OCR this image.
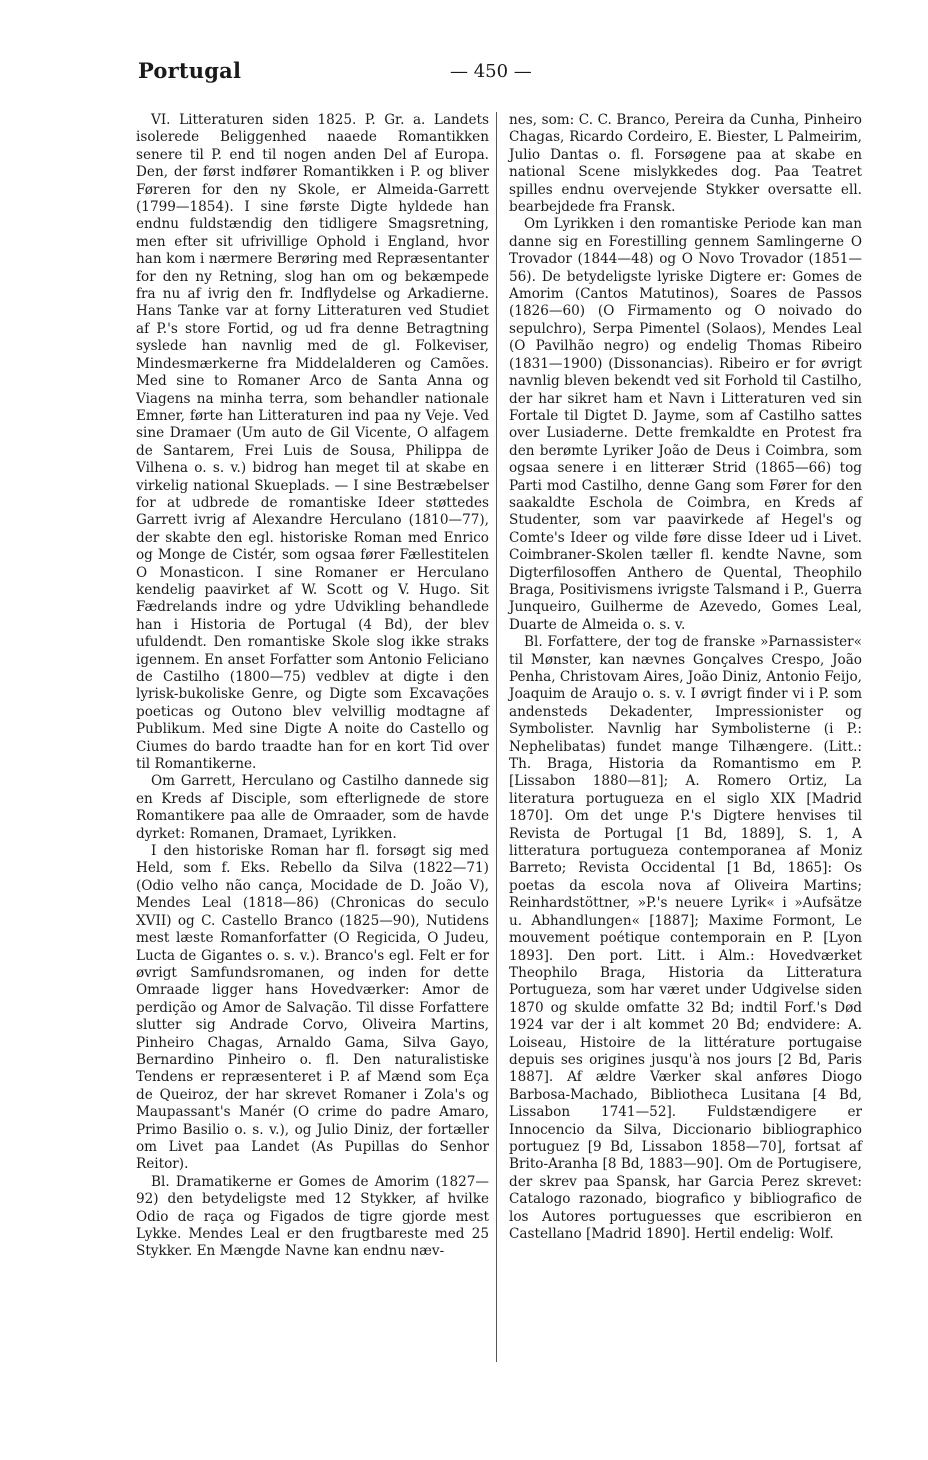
Portugal	— 450 —

VI. Litteraturen siden 1825. P. Gr. a. Landets isolerede Beliggenhed naaede Romantikken senere til P. end til nogen anden Del af Europa. Den, der først indfører Romantikken i P. og bliver Føreren for den ny Skole, er Almeida-Garrett (1799—1854). I sine første Digte hyldede han endnu fuldstændig den tidligere Smagsretning, men efter sit ufrivillige Ophold i England, hvor han kom i nærmere Berøring med Repræsentanter for den ny Retning, slog han om og bekæmpede fra nu af ivrig den fr. Indflydelse og Arkadierne. Hans Tanke var at forny Litteraturen ved Studiet af P.'s store Fortid, og ud fra denne Betragtning syslede han navnlig med de gl. Folkeviser, Mindesmærkerne fra Middelalderen og Camões. Med sine to Romaner Arco de Santa Anna og Viagens na minha terra, som behandler nationale Emner, førte han Litteraturen ind paa ny Veje. Ved sine Dramaer (Um auto de Gil Vicente, O alfagem de Santarem, Frei Luis de Sousa, Philippa de Vilhena o. s. v.) bidrog han meget til at skabe en virkelig national Skueplads. — I sine Bestræbelser for at udbrede de romantiske Ideer støttedes Garrett ivrig af Alexandre Herculano (1810—77), der skabte den egl. historiske Roman med Enrico og Monge de Cistér, som ogsaa fører Fællestitelen O Monasticon. I sine Romaner er Herculano kendelig paavirket af W. Scott og V. Hugo. Sit Fædrelands indre og ydre Udvikling behandlede han i Historia de Portugal (4 Bd), der blev ufuldendt. Den romantiske Skole slog ikke straks igennem. En anset Forfatter som Antonio Feliciano de Castilho (1800—75) vedblev at digte i den lyrisk-bukoliske Genre, og Digte som Excavações poeticas og Outono blev velvillig modtagne af Publikum. Med sine Digte A noite do Castello og Ciumes do bardo traadte han for en kort Tid over til Romantikerne.

Om Garrett, Herculano og Castilho dannede sig en Kreds af Disciple, som efterlignede de store Romantikere paa alle de Omraader, som de havde dyrket: Romanen, Dramaet, Lyrikken.

I den historiske Roman har fl. forsøgt sig med Held, som f. Eks. Rebello da Silva (1822—71) (Odio velho não cança, Mocidade de D. João V), Mendes Leal (1818—86) (Chronicas do seculo XVII) og C. Castello Branco (1825—90), Nutidens mest læste Romanforfatter (O Regicida, O Judeu, Lucta de Gigantes o. s. v.). Branco's egl. Felt er for øvrigt Samfundsromanen, og inden for dette Omraade ligger hans Hovedværker: Amor de perdição og Amor de Salvação. Til disse Forfattere slutter sig Andrade Corvo, Oliveira Martins, Pinheiro Chagas, Arnaldo Gama, Silva Gayo, Bernardino Pinheiro o. fl. Den naturalistiske Tendens er repræsenteret i P. af Mænd som Eça de Queiroz, der har skrevet Romaner i Zola's og Maupassant's Manér (O crime do padre Amaro, Primo Basilio o. s. v.), og Julio Diniz, der fortæller om Livet paa Landet (As Pupillas do Senhor Reitor).

Bl. Dramatikerne er Gomes de Amorim (1827—92) den betydeligste med 12 Stykker, af hvilke Odio de raça og Figados de tigre gjorde mest Lykke. Mendes Leal er den frugtbareste med 25 Stykker. En Mængde Navne kan endnu næv-

nes, som: C. C. Branco, Pereira da Cunha, Pinheiro Chagas, Ricardo Cordeiro, E. Biester, L Palmeirim, Julio Dantas o. fl. Forsøgene paa at skabe en national Scene mislykkedes dog. Paa Teatret spilles endnu overvejende Stykker oversatte ell. bearbejdede fra Fransk.

Om Lyrikken i den romantiske Periode kan man danne sig en Forestilling gennem Samlingerne O Trovador (1844—48) og O Novo Trovador (1851—56). De betydeligste lyriske Digtere er: Gomes de Amorim (Cantos Matutinos), Soares de Passos (1826—60) (O Firmamento og O noivado do sepulchro), Serpa Pimentel (Solaos), Mendes Leal (O Pavilhão negro) og endelig Thomas Ribeiro (1831—1900) (Dissonancias). Ribeiro er for øvrigt navnlig bleven bekendt ved sit Forhold til Castilho, der har sikret ham et Navn i Litteraturen ved sin Fortale til Digtet D. Jayme, som af Castilho sattes over Lusiaderne. Dette fremkaldte en Protest fra den berømte Lyriker João de Deus i Coimbra, som ogsaa senere i en litterær Strid (1865—66) tog Parti mod Castilho, denne Gang som Fører for den saakaldte Eschola de Coimbra, en Kreds af Studenter, som var paavirkede af Hegel's og Comte's Ideer og vilde føre disse Ideer ud i Livet. Coimbraner-Skolen tæller fl. kendte Navne, som Digterfilosoffen Anthero de Quental, Theophilo Braga, Positivismens ivrigste Talsmand i P., Guerra Junqueiro, Guilherme de Azevedo, Gomes Leal, Duarte de Almeida o. s. v.

Bl. Forfattere, der tog de franske »Parnassister« til Mønster, kan nævnes Gonçalves Crespo, João Penha, Christovam Aires, João Diniz, Antonio Feijo, Joaquim de Araujo o. s. v. I øvrigt finder vi i P. som andensteds Dekadenter, Impressionister og Symbolister. Navnlig har Symbolisterne (i P.: Nephelibatas) fundet mange Tilhængere. (Litt.: Th. Braga, Historia da Romantismo em P. [Lissabon 1880—81]; A. Romero Ortiz, La literatura portugueza en el siglo XIX [Madrid 1870]. Om det unge P.'s Digtere henvises til Revista de Portugal [1 Bd, 1889], S. 1, A litteratura portugueza contemporanea af Moniz Barreto; Revista Occidental [1 Bd, 1865]: Os poetas da escola nova af Oliveira Martins; Reinhardstöttner, »P.'s neuere Lyrik« i »Aufsätze u. Abhandlungen« [1887]; Maxime Formont, Le mouvement poétique contemporain en P. [Lyon 1893]. Den port. Litt. i Alm.: Hovedværket Theophilo Braga, Historia da Litteratura Portugueza, som har været under Udgivelse siden 1870 og skulde omfatte 32 Bd; indtil Forf.'s Død 1924 var der i alt kommet 20 Bd; endvidere: A. Loiseau, Histoire de la littérature portugaise depuis ses origines jusqu'à nos jours [2 Bd, Paris 1887]. Af ældre Værker skal anføres Diogo Barbosa-Machado, Bibliotheca Lusitana [4 Bd, Lissabon 1741—52]. Fuldstændigere er Innocencio da Silva, Diccionario bibliographico portuguez [9 Bd, Lissabon 1858—70], fortsat af Brito-Aranha [8 Bd, 1883—90]. Om de Portugisere, der skrev paa Spansk, har Garcia Perez skrevet: Catalogo razonado, biografico y bibliografico de los Autores portuguesses que escribieron en Castellano [Madrid 1890]. Hertil endelig: Wolf.
